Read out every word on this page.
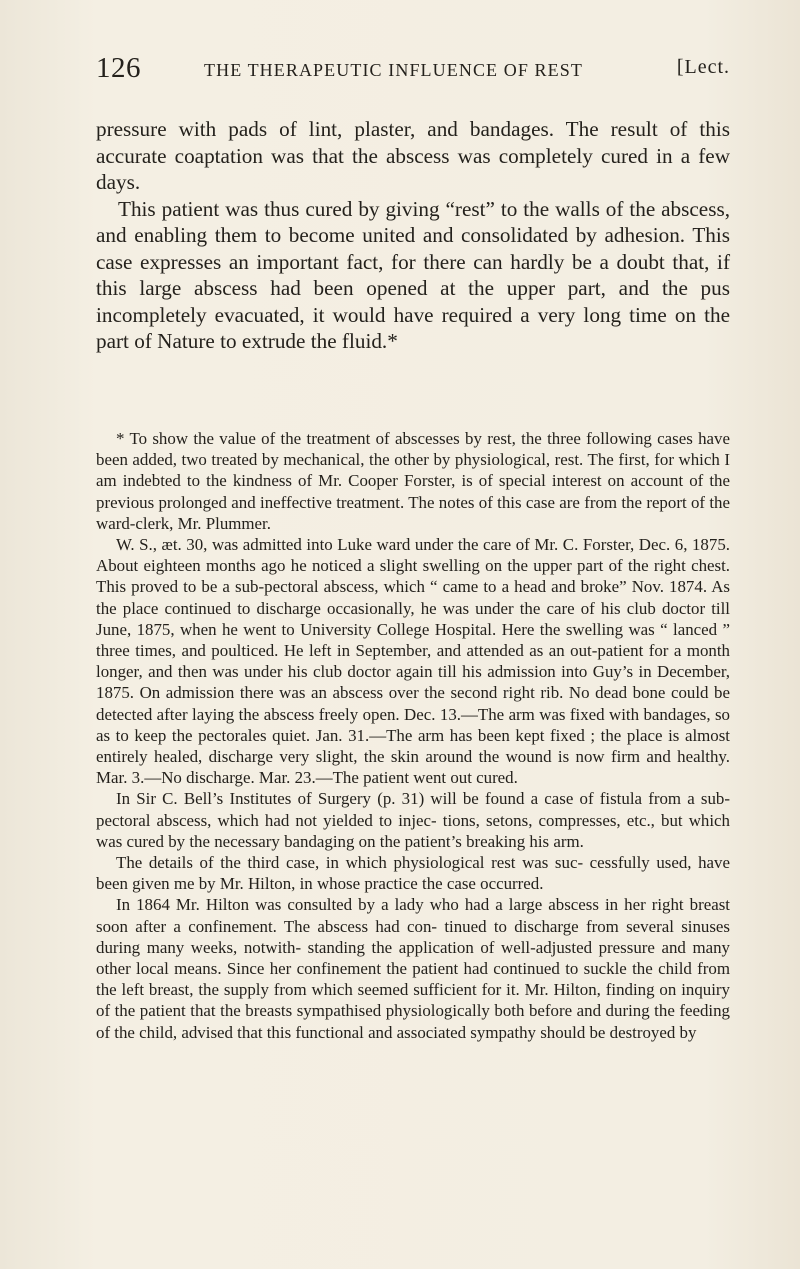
126	THE THERAPEUTIC INFLUENCE OF REST	[Lect.

pressure with pads of lint, plaster, and bandages. The result of this accurate coaptation was that the abscess was completely cured in a few days.

This patient was thus cured by giving “rest” to the walls of the abscess, and enabling them to become united and consolidated by adhesion. This case expresses an important fact, for there can hardly be a doubt that, if this large abscess had been opened at the upper part, and the pus incompletely evacuated, it would have required a very long time on the part of Nature to extrude the fluid.*

* To show the value of the treatment of abscesses by rest, the three following cases have been added, two treated by mechanical, the other by physiological, rest. The first, for which I am indebted to the kindness of Mr. Cooper Forster, is of special interest on account of the previous prolonged and ineffective treatment. The notes of this case are from the report of the ward-clerk, Mr. Plummer.

W. S., æt. 30, was admitted into Luke ward under the care of Mr. C. Forster, Dec. 6, 1875. About eighteen months ago he noticed a slight swelling on the upper part of the right chest. This proved to be a sub-pectoral abscess, which “ came to a head and broke” Nov. 1874. As the place continued to discharge occasionally, he was under the care of his club doctor till June, 1875, when he went to University College Hospital. Here the swelling was “ lanced ” three times, and poulticed. He left in September, and attended as an out-patient for a month longer, and then was under his club doctor again till his admission into Guy’s in December, 1875. On admission there was an abscess over the second right rib. No dead bone could be detected after laying the abscess freely open. Dec. 13.—The arm was fixed with bandages, so as to keep the pectorales quiet. Jan. 31.—The arm has been kept fixed ; the place is almost entirely healed, discharge very slight, the skin around the wound is now firm and healthy. Mar. 3.—No discharge. Mar. 23.—The patient went out cured.

In Sir C. Bell’s Institutes of Surgery (p. 31) will be found a case of fistula from a sub-pectoral abscess, which had not yielded to injec- tions, setons, compresses, etc., but which was cured by the necessary bandaging on the patient’s breaking his arm.

The details of the third case, in which physiological rest was suc- cessfully used, have been given me by Mr. Hilton, in whose practice the case occurred.

In 1864 Mr. Hilton was consulted by a lady who had a large abscess in her right breast soon after a confinement. The abscess had con- tinued to discharge from several sinuses during many weeks, notwith- standing the application of well-adjusted pressure and many other local means. Since her confinement the patient had continued to suckle the child from the left breast, the supply from which seemed sufficient for it. Mr. Hilton, finding on inquiry of the patient that the breasts sympathised physiologically both before and during the feeding of the child, advised that this functional and associated sympathy should be destroyed by
